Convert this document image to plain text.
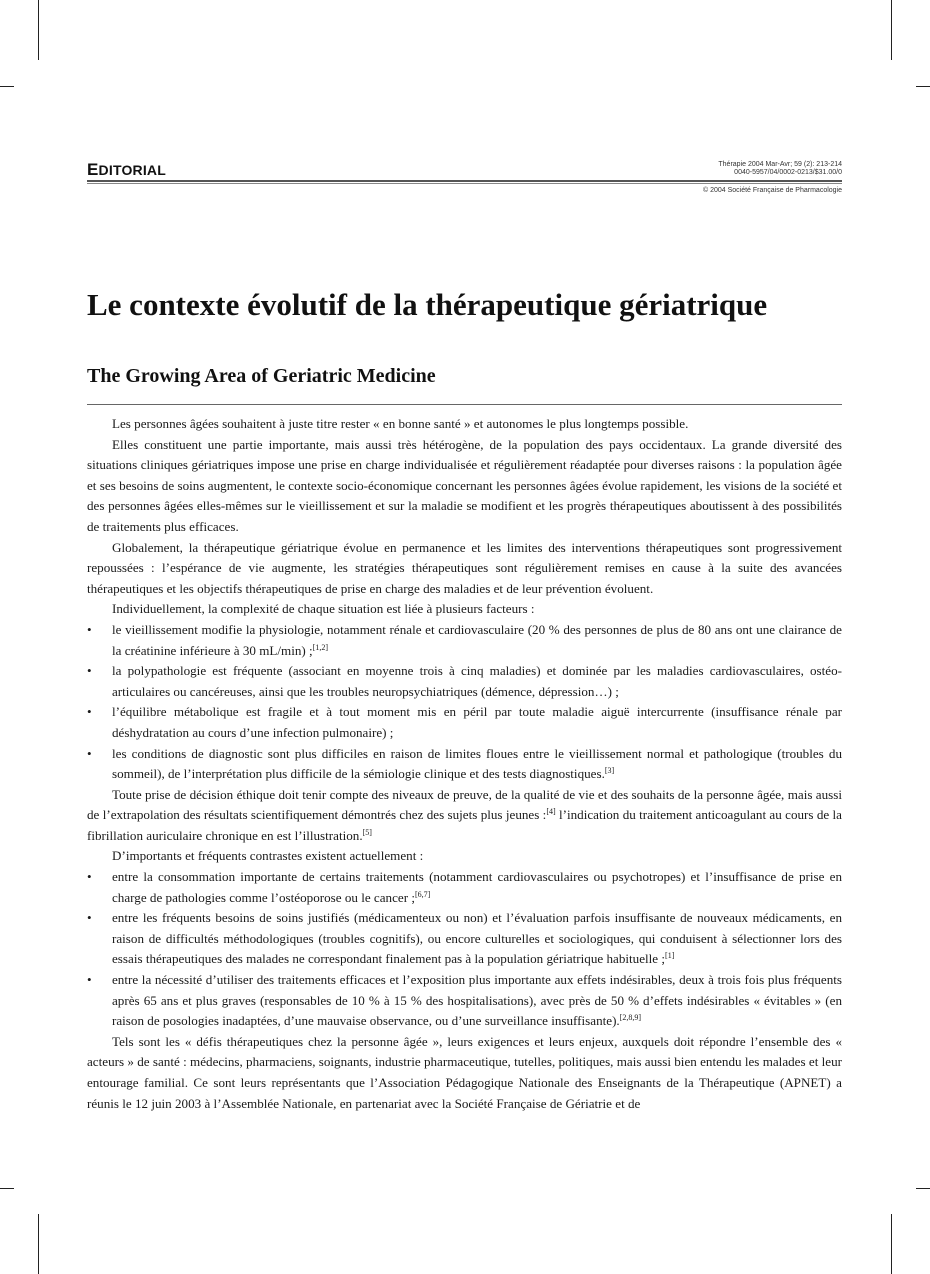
EDITORIAL	Thérapie 2004 Mar-Avr; 59 (2): 213-214
0040-5957/04/0002-0213/$31.00/0
© 2004 Société Française de Pharmacologie
Le contexte évolutif de la thérapeutique gériatrique
The Growing Area of Geriatric Medicine

Les personnes âgées souhaitent à juste titre rester « en bonne santé » et autonomes le plus longtemps possible.

Elles constituent une partie importante, mais aussi très hétérogène, de la population des pays occidentaux. La grande diversité des situations cliniques gériatriques impose une prise en charge individualisée et régulièrement réadaptée pour diverses raisons : la population âgée et ses besoins de soins augmentent, le contexte socio-économique concernant les personnes âgées évolue rapidement, les visions de la société et des personnes âgées elles-mêmes sur le vieillissement et sur la maladie se modifient et les progrès thérapeutiques aboutissent à des possibilités de traitements plus efficaces.

Globalement, la thérapeutique gériatrique évolue en permanence et les limites des interventions thérapeutiques sont progressivement repoussées : l’espérance de vie augmente, les stratégies thérapeutiques sont régulièrement remises en cause à la suite des avancées thérapeutiques et les objectifs thérapeutiques de prise en charge des maladies et de leur prévention évoluent.

Individuellement, la complexité de chaque situation est liée à plusieurs facteurs :

• le vieillissement modifie la physiologie, notamment rénale et cardiovasculaire (20 % des personnes de plus de 80 ans ont une clairance de la créatinine inférieure à 30 mL/min) ;[1,2]
• la polypathologie est fréquente (associant en moyenne trois à cinq maladies) et dominée par les maladies cardiovasculaires, ostéo-articulaires ou cancéreuses, ainsi que les troubles neuropsychiatriques (démence, dépression…) ;
• l’équilibre métabolique est fragile et à tout moment mis en péril par toute maladie aiguë intercurrente (insuffisance rénale par déshydratation au cours d’une infection pulmonaire) ;
• les conditions de diagnostic sont plus difficiles en raison de limites floues entre le vieillissement normal et pathologique (troubles du sommeil), de l’interprétation plus difficile de la sémiologie clinique et des tests diagnostiques.[3]

Toute prise de décision éthique doit tenir compte des niveaux de preuve, de la qualité de vie et des souhaits de la personne âgée, mais aussi de l’extrapolation des résultats scientifiquement démontrés chez des sujets plus jeunes :[4] l’indication du traitement anticoagulant au cours de la fibrillation auriculaire chronique en est l’illustration.[5]

D’importants et fréquents contrastes existent actuellement :

• entre la consommation importante de certains traitements (notamment cardiovasculaires ou psychotropes) et l’insuffisance de prise en charge de pathologies comme l’ostéoporose ou le cancer ;[6,7]
• entre les fréquents besoins de soins justifiés (médicamenteux ou non) et l’évaluation parfois insuffisante de nouveaux médicaments, en raison de difficultés méthodologiques (troubles cognitifs), ou encore culturelles et sociologiques, qui conduisent à sélectionner lors des essais thérapeutiques des malades ne correspondant finalement pas à la population gériatrique habituelle ;[1]
• entre la nécessité d’utiliser des traitements efficaces et l’exposition plus importante aux effets indésirables, deux à trois fois plus fréquents après 65 ans et plus graves (responsables de 10 % à 15 % des hospitalisations), avec près de 50 % d’effets indésirables « évitables » (en raison de posologies inadaptées, d’une mauvaise observance, ou d’une surveillance insuffisante).[2,8,9]

Tels sont les « défis thérapeutiques chez la personne âgée », leurs exigences et leurs enjeux, auxquels doit répondre l’ensemble des « acteurs » de santé : médecins, pharmaciens, soignants, industrie pharmaceutique, tutelles, politiques, mais aussi bien entendu les malades et leur entourage familial. Ce sont leurs représentants que l’Association Pédagogique Nationale des Enseignants de la Thérapeutique (APNET) a réunis le 12 juin 2003 à l’Assemblée Nationale, en partenariat avec la Société Française de Gériatrie et de
